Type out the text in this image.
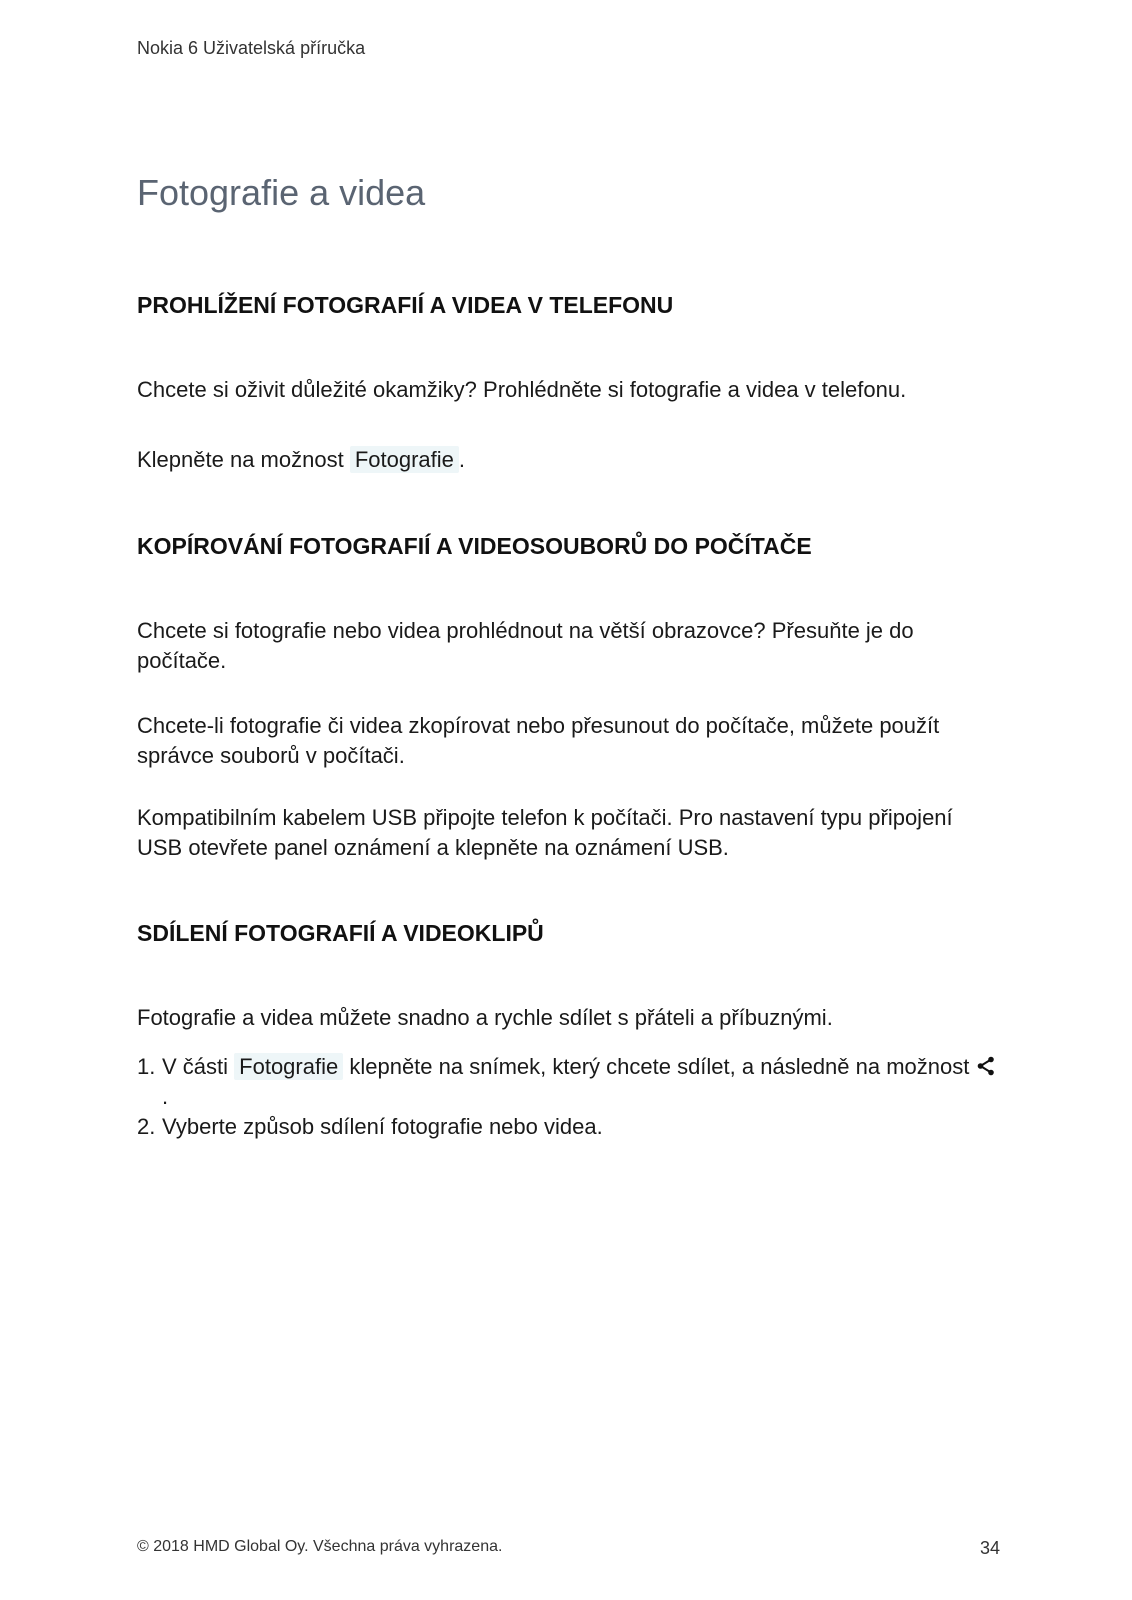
Nokia 6 Uživatelská příručka
Fotografie a videa
PROHLÍŽENÍ FOTOGRAFIÍ A VIDEA V TELEFONU

Chcete si oživit důležité okamžiky? Prohlédněte si fotografie a videa v telefonu.

Klepněte na možnost Fotografie .

KOPÍROVÁNÍ FOTOGRAFIÍ A VIDEOSOUBORŮ DO POČÍTAČE

Chcete si fotografie nebo videa prohlédnout na větší obrazovce? Přesuňte je do počítače.

Chcete-li fotografie či videa zkopírovat nebo přesunout do počítače, můžete použít správce souborů v počítači.

Kompatibilním kabelem USB připojte telefon k počítači. Pro nastavení typu připojení USB otevřete panel oznámení a klepněte na oznámení USB.

SDÍLENÍ FOTOGRAFIÍ A VIDEOKLIPŮ

Fotografie a videa můžete snadno a rychle sdílet s přáteli a příbuznými.

1. V části Fotografie klepněte na snímek, který chcete sdílet, a následně na možnost .
2. Vyberte způsob sdílení fotografie nebo videa.
© 2018 HMD Global Oy. Všechna práva vyhrazena.	34
